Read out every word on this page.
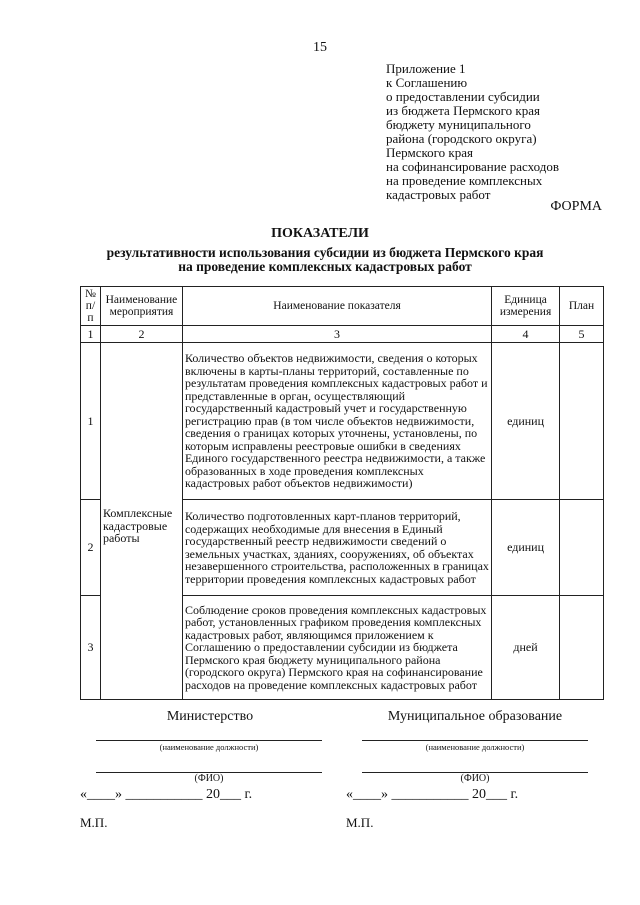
15
Приложение 1
к Соглашению
о предоставлении субсидии
из бюджета Пермского края
бюджету муниципального
района (городского округа)
Пермского края
на софинансирование расходов
на проведение комплексных
кадастровых работ
ФОРМА
ПОКАЗАТЕЛИ
результативности использования субсидии из бюджета Пермского края
на проведение комплексных кадастровых работ
№ п/п	Наименование мероприятия	Наименование показателя	Единица измерения	План
1	2	3	4	5
1	Комплексные кадастровые работы	Количество объектов недвижимости, сведения о которых включены в карты-планы территорий, составленные по результатам проведения комплексных кадастровых работ и представленные в орган, осуществляющий государственный кадастровый учет и государственную регистрацию прав (в том числе объектов недвижимости, сведения о границах которых уточнены, установлены, по которым исправлены реестровые ошибки в сведениях Единого государственного реестра недвижимости, а также образованных в ходе проведения комплексных кадастровых работ объектов недвижимости)	единиц	
2		Количество подготовленных карт-планов территорий, содержащих необходимые для внесения в Единый государственный реестр недвижимости сведений о земельных участках, зданиях, сооружениях, об объектах незавершенного строительства, расположенных в границах территории проведения комплексных кадастровых работ	единиц	
3		Соблюдение сроков проведения комплексных кадастровых работ, установленных графиком проведения комплексных кадастровых работ, являющимся приложением к Соглашению о предоставлении субсидии из бюджета Пермского края бюджету муниципального района (городского округа) Пермского края на софинансирование расходов на проведение комплексных кадастровых работ	дней	
Министерство
(наименование должности)
(ФИО)
«____» ___________ 20___ г.
М.П.
Муниципальное образование
(наименование должности)
(ФИО)
«____» ___________ 20___ г.
М.П.
